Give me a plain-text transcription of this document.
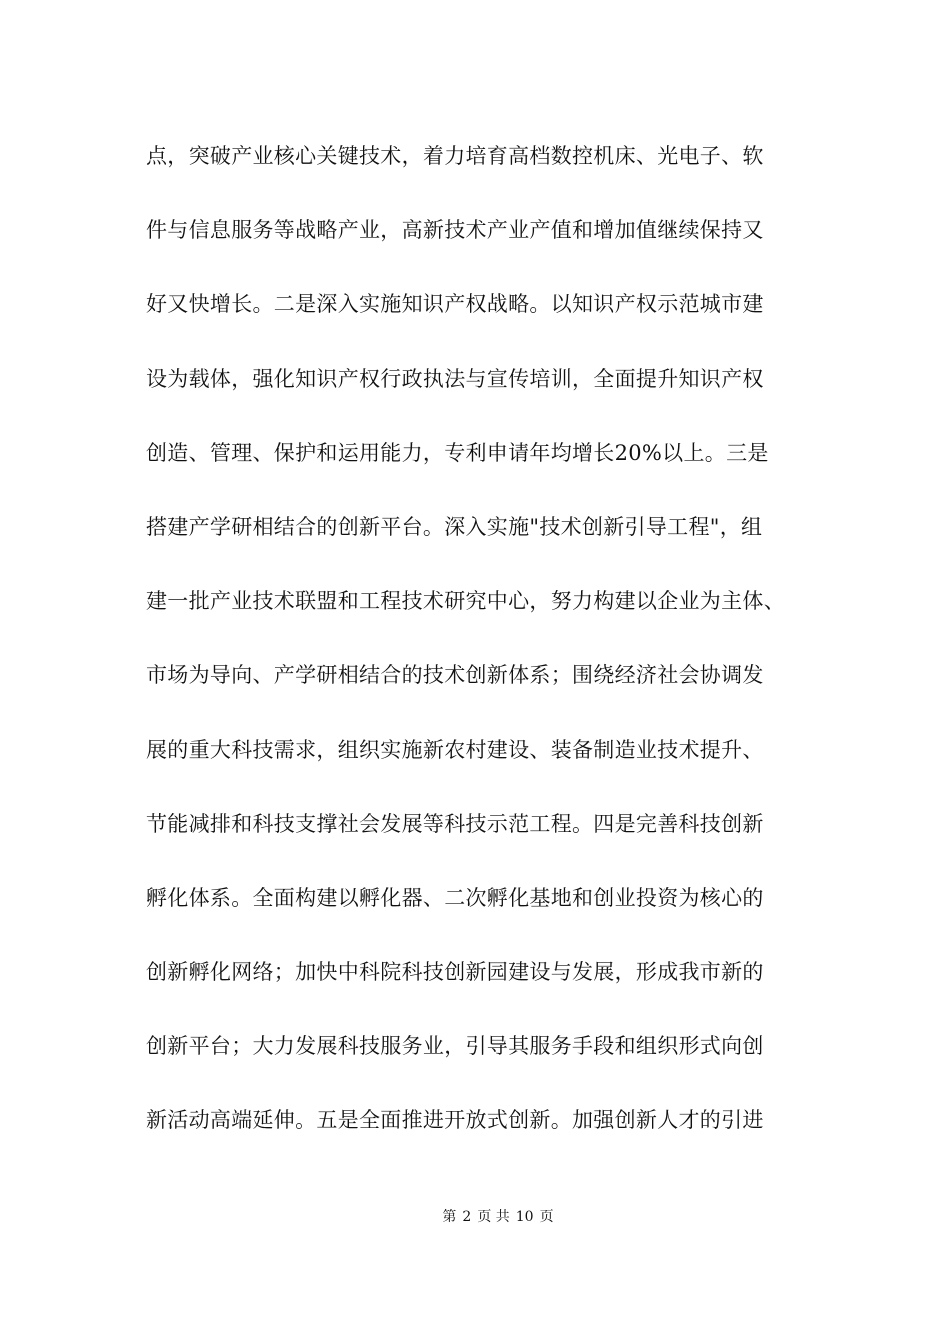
点，突破产业核心关键技术，着力培育高档数控机床、光电子、软
件与信息服务等战略产业，高新技术产业产值和增加值继续保持又
好又快增长。二是深入实施知识产权战略。以知识产权示范城市建
设为载体，强化知识产权行政执法与宣传培训，全面提升知识产权
创造、管理、保护和运用能力，专利申请年均增长20%以上。三是
搭建产学研相结合的创新平台。深入实施"技术创新引导工程"，组
建一批产业技术联盟和工程技术研究中心，努力构建以企业为主体、
市场为导向、产学研相结合的技术创新体系；围绕经济社会协调发
展的重大科技需求，组织实施新农村建设、装备制造业技术提升、
节能减排和科技支撑社会发展等科技示范工程。四是完善科技创新
孵化体系。全面构建以孵化器、二次孵化基地和创业投资为核心的
创新孵化网络；加快中科院科技创新园建设与发展，形成我市新的
创新平台；大力发展科技服务业，引导其服务手段和组织形式向创
新活动高端延伸。五是全面推进开放式创新。加强创新人才的引进
第 2 页 共 10 页
